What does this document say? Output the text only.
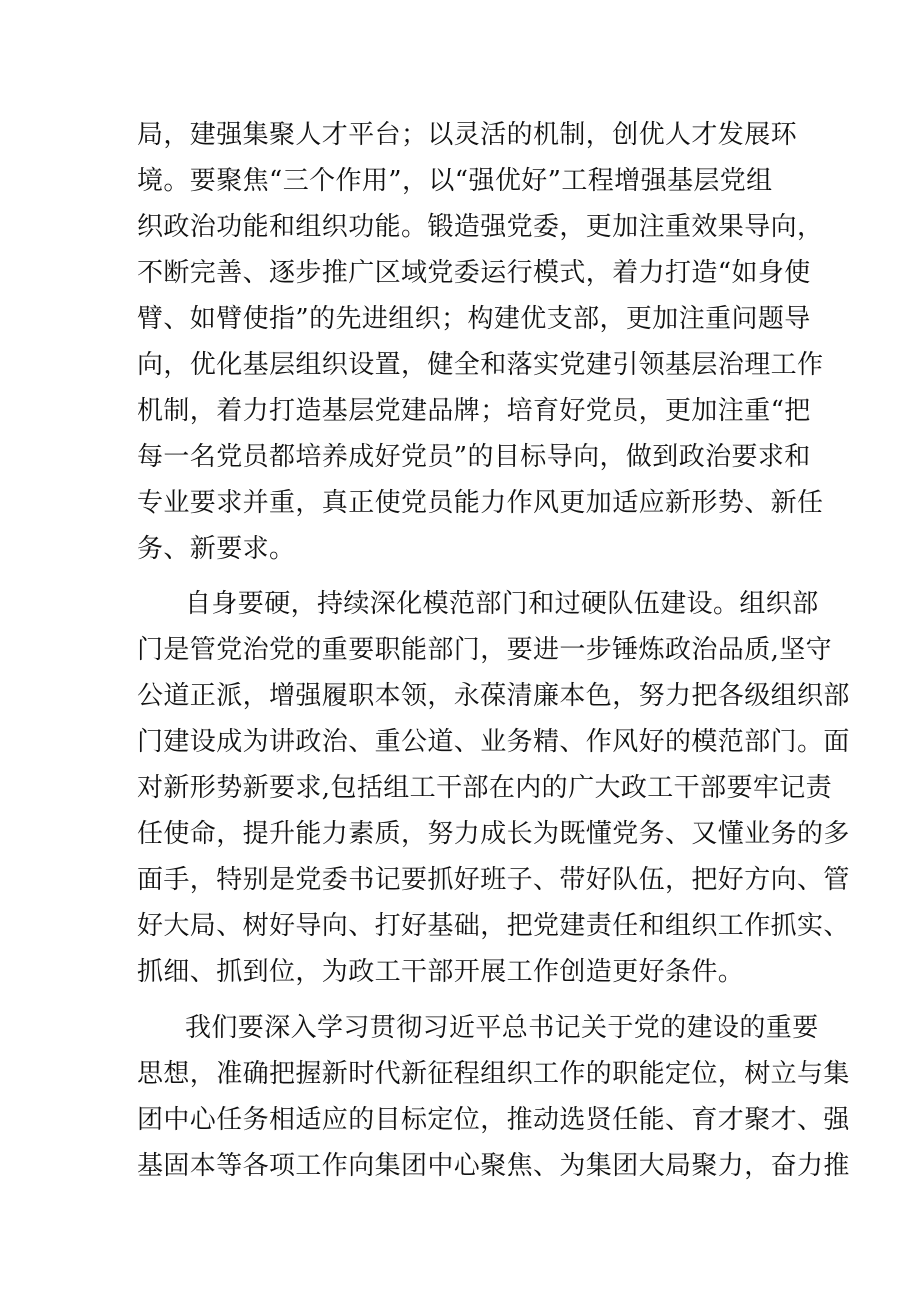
局，建强集聚人才平台；以灵活的机制，创优人才发展环
境。要聚焦“三个作用”，以“强优好”工程增强基层党组
织政治功能和组织功能。锻造强党委，更加注重效果导向，
不断完善、逐步推广区域党委运行模式，着力打造“如身使
臂、如臂使指”的先进组织；构建优支部，更加注重问题导
向，优化基层组织设置，健全和落实党建引领基层治理工作
机制，着力打造基层党建品牌；培育好党员，更加注重“把
每一名党员都培养成好党员”的目标导向，做到政治要求和
专业要求并重，真正使党员能力作风更加适应新形势、新任
务、新要求。
自身要硬，持续深化模范部门和过硬队伍建设。组织部
门是管党治党的重要职能部门，要进一步锤炼政治品质,坚守
公道正派，增强履职本领，永葆清廉本色，努力把各级组织部
门建设成为讲政治、重公道、业务精、作风好的模范部门。面
对新形势新要求,包括组工干部在内的广大政工干部要牢记责
任使命，提升能力素质，努力成长为既懂党务、又懂业务的多
面手，特别是党委书记要抓好班子、带好队伍，把好方向、管
好大局、树好导向、打好基础，把党建责任和组织工作抓实、
抓细、抓到位，为政工干部开展工作创造更好条件。
我们要深入学习贯彻习近平总书记关于党的建设的重要
思想，准确把握新时代新征程组织工作的职能定位，树立与集
团中心任务相适应的目标定位，推动选贤任能、育才聚才、强
基固本等各项工作向集团中心聚焦、为集团大局聚力，奋力推
